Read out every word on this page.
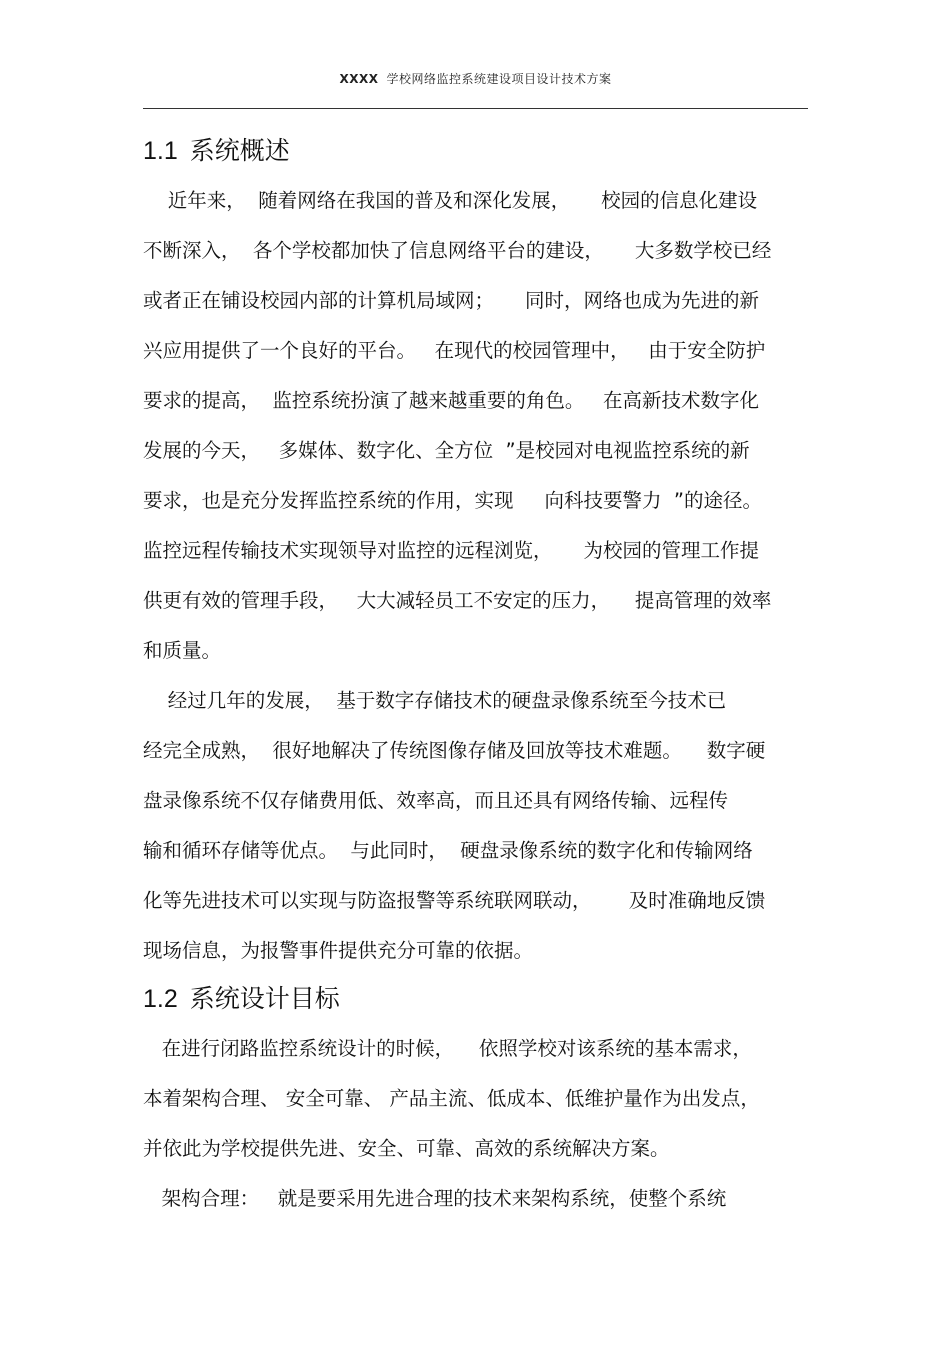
XXXX 学校网络监控系统建设项目设计技术方案
1.1 系统概述
近年来，  随着网络在我国的普及和深化发展，     校园的信息化建设
不断深入，  各个学校都加快了信息网络平台的建设，     大多数学校已经
或者正在铺设校园内部的计算机局域网；     同时，网络也成为先进的新
兴应用提供了一个良好的平台。   在现代的校园管理中，   由于安全防护
要求的提高，  监控系统扮演了越来越重要的角色。   在高新技术数字化
发展的今天，   多媒体、数字化、全方位  ”是校园对电视监控系统的新
要求，也是充分发挥监控系统的作用，实现     向科技要警力  ”的途径。
监控远程传输技术实现领导对监控的远程浏览，     为校园的管理工作提
供更有效的管理手段，   大大减轻员工不安定的压力，    提高管理的效率
和质量。
经过几年的发展，  基于数字存储技术的硬盘录像系统至今技术已
经完全成熟，  很好地解决了传统图像存储及回放等技术难题。    数字硬
盘录像系统不仅存储费用低、效率高，而且还具有网络传输、远程传
输和循环存储等优点。  与此同时，  硬盘录像系统的数字化和传输网络
化等先进技术可以实现与防盗报警等系统联网联动，      及时准确地反馈
现场信息，为报警事件提供充分可靠的依据。
1.2 系统设计目标
在进行闭路监控系统设计的时候，    依照学校对该系统的基本需求，
本着架构合理、 安全可靠、 产品主流、低成本、低维护量作为出发点，
并依此为学校提供先进、安全、可靠、高效的系统解决方案。
架构合理：   就是要采用先进合理的技术来架构系统，使整个系统
